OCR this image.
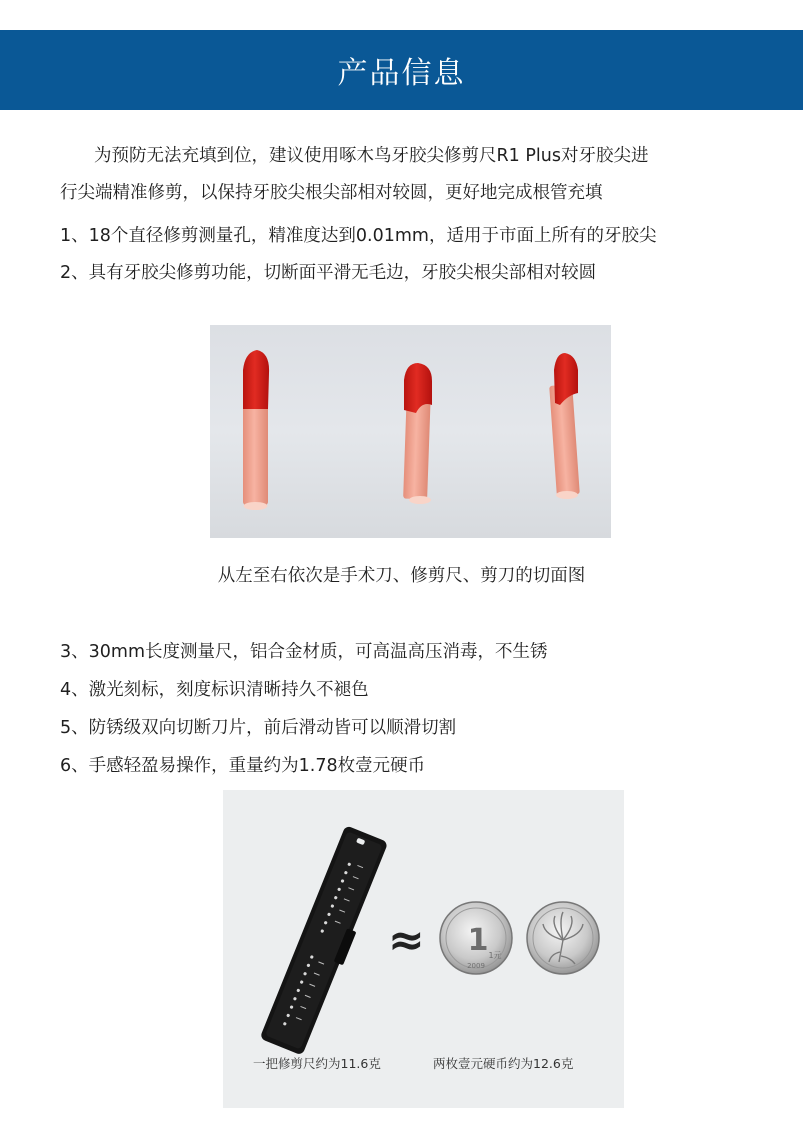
产品信息
为预防无法充填到位，建议使用啄木鸟牙胶尖修剪尺R1 Plus对牙胶尖进
行尖端精准修剪，以保持牙胶尖根尖部相对较圆，更好地完成根管充填
1、18个直径修剪测量孔，精准度达到0.01mm，适用于市面上所有的牙胶尖
2、具有牙胶尖修剪功能，切断面平滑无毛边，牙胶尖根尖部相对较圆
从左至右依次是手术刀、修剪尺、剪刀的切面图
3、30mm长度测量尺，铝合金材质，可高温高压消毒，不生锈
4、激光刻标，刻度标识清晰持久不褪色
5、防锈级双向切断刀片，前后滑动皆可以顺滑切割
6、手感轻盈易操作，重量约为1.78枚壹元硬币
≈ 1 1元
2009
一把修剪尺约为11.6克	两枚壹元硬币约为12.6克
